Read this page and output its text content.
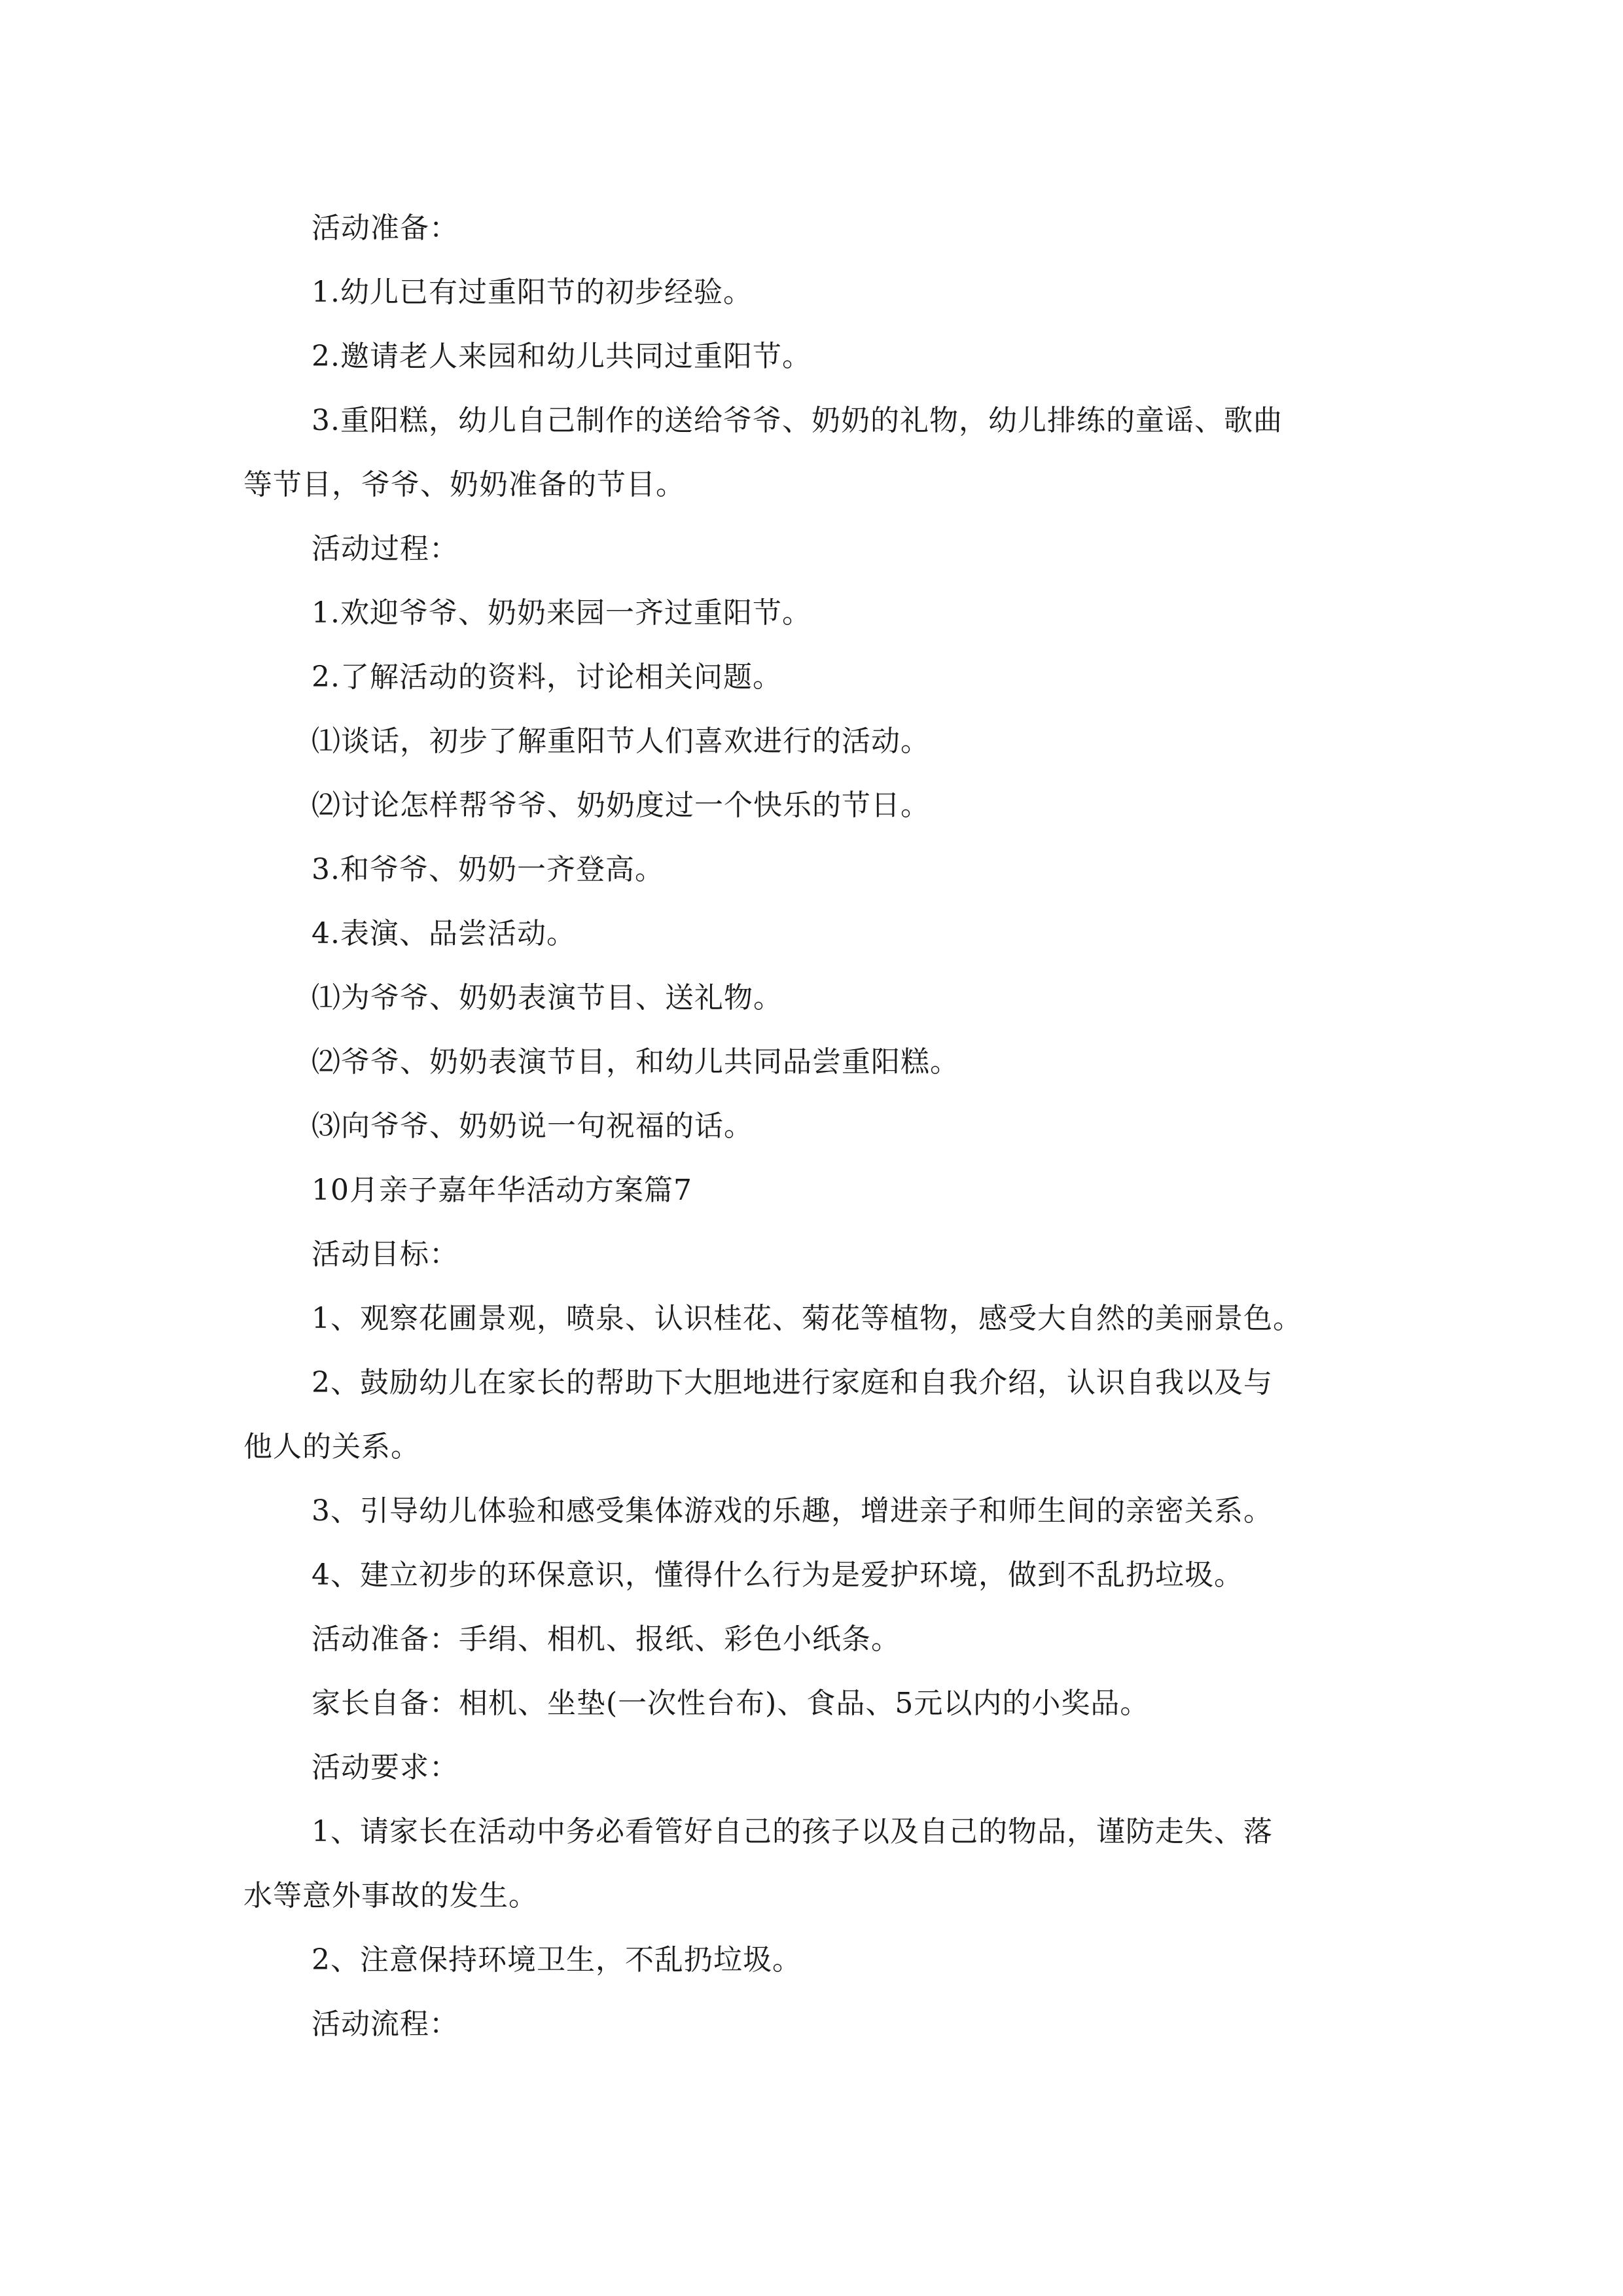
活动准备：

1.幼儿已有过重阳节的初步经验。

2.邀请老人来园和幼儿共同过重阳节。

3.重阳糕，幼儿自己制作的送给爷爷、奶奶的礼物，幼儿排练的童谣、歌曲

等节目，爷爷、奶奶准备的节目。

活动过程：

1.欢迎爷爷、奶奶来园一齐过重阳节。

2.了解活动的资料，讨论相关问题。

⑴谈话，初步了解重阳节人们喜欢进行的活动。

⑵讨论怎样帮爷爷、奶奶度过一个快乐的节日。

3.和爷爷、奶奶一齐登高。

4.表演、品尝活动。

⑴为爷爷、奶奶表演节目、送礼物。

⑵爷爷、奶奶表演节目，和幼儿共同品尝重阳糕。

⑶向爷爷、奶奶说一句祝福的话。

10月亲子嘉年华活动方案篇7

活动目标：

1、观察花圃景观，喷泉、认识桂花、菊花等植物，感受大自然的美丽景色。

2、鼓励幼儿在家长的帮助下大胆地进行家庭和自我介绍，认识自我以及与

他人的关系。

3、引导幼儿体验和感受集体游戏的乐趣，增进亲子和师生间的亲密关系。

4、建立初步的环保意识，懂得什么行为是爱护环境，做到不乱扔垃圾。

活动准备：手绢、相机、报纸、彩色小纸条。

家长自备：相机、坐垫(一次性台布)、食品、5元以内的小奖品。

活动要求：

1、请家长在活动中务必看管好自己的孩子以及自己的物品，谨防走失、落

水等意外事故的发生。

2、注意保持环境卫生，不乱扔垃圾。

活动流程：
